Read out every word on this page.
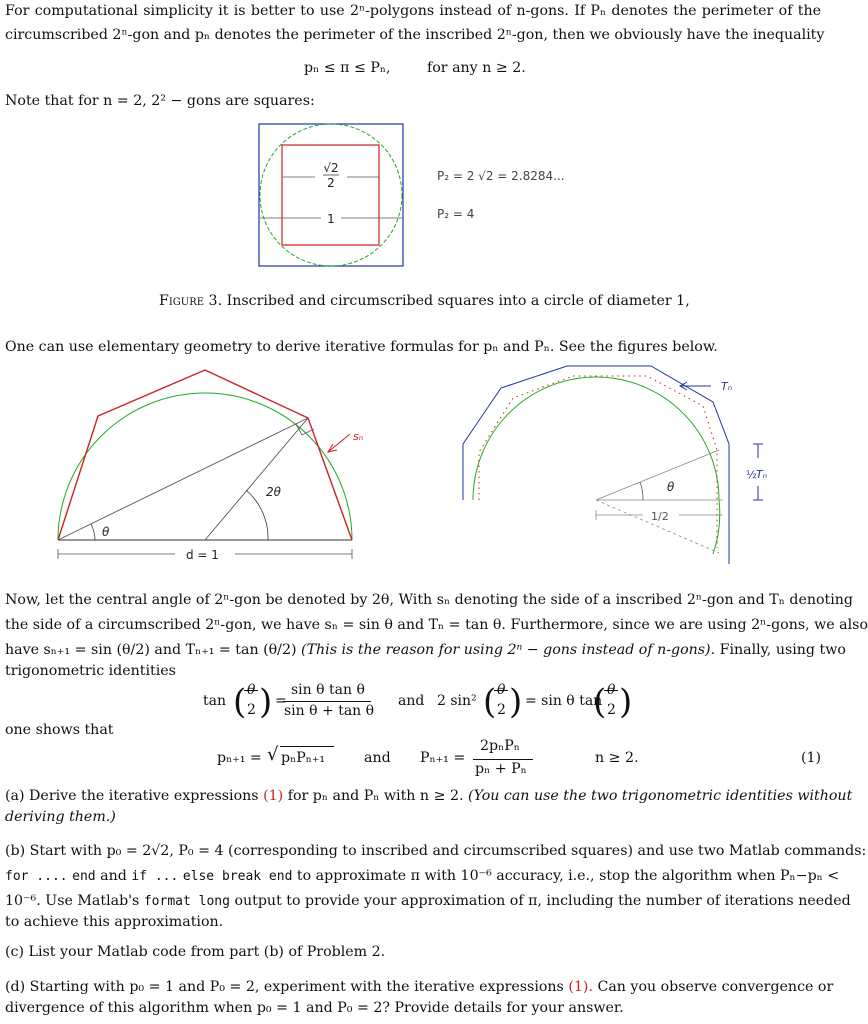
For computational simplicity it is better to use 2ⁿ-polygons instead of n-gons. If Pₙ denotes the perimeter of the
circumscribed 2ⁿ-gon and pₙ denotes the perimeter of the inscribed 2ⁿ-gon, then we obviously have the inequality
pₙ ≤ π ≤ Pₙ,	for any n ≥ 2.
Note that for n = 2, 2² − gons are squares:
√2
2
1
P₂ = 2 √2 = 2.8284...
P₂ = 4
Figure 3. Inscribed and circumscribed squares into a circle of diameter 1,
One can use elementary geometry to derive iterative formulas for pₙ and Pₙ. See the figures below.
sₙ
2θ
θ
d = 1
θ
1/2
Tₙ
½ Tₙ
Now, let the central angle of 2ⁿ-gon be denoted by 2θ, With sₙ denoting the side of a inscribed 2ⁿ-gon and Tₙ denoting
the side of a circumscribed 2ⁿ-gon, we have sₙ = sin θ and Tₙ = tan θ. Furthermore, since we are using 2ⁿ-gons, we also
have sₙ₊₁ = sin (θ/2) and Tₙ₊₁ = tan (θ/2) (This is the reason for using 2ⁿ − gons instead of n-gons). Finally, using two
trigonometric identities
tan ( θ
2 ) =
sin θ tan θ
sin θ + tan θ
and 2 sin² ( θ
2 ) = sin θ tan
( θ
2 )
one shows that
pₙ₊₁ = √ pₙPₙ₊₁	and Pₙ₊₁ =
2pₙPₙ
pₙ + Pₙ
n ≥ 2.	(1)
(a) Derive the iterative expressions (1) for pₙ and Pₙ with n ≥ 2. (You can use the two trigonometric identities without
deriving them.)
(b) Start with p₀ = 2√2, P₀ = 4 (corresponding to inscribed and circumscribed squares) and use two Matlab commands:
for .... end and if ... else break end to approximate π with 10⁻⁶ accuracy, i.e., stop the algorithm when Pₙ−pₙ <
10⁻⁶. Use Matlab's format long output to provide your approximation of π, including the number of iterations needed
to achieve this approximation.
(c) List your Matlab code from part (b) of Problem 2.
(d) Starting with p₀ = 1 and P₀ = 2, experiment with the iterative expressions (1). Can you observe convergence or
divergence of this algorithm when p₀ = 1 and P₀ = 2? Provide details for your answer.
